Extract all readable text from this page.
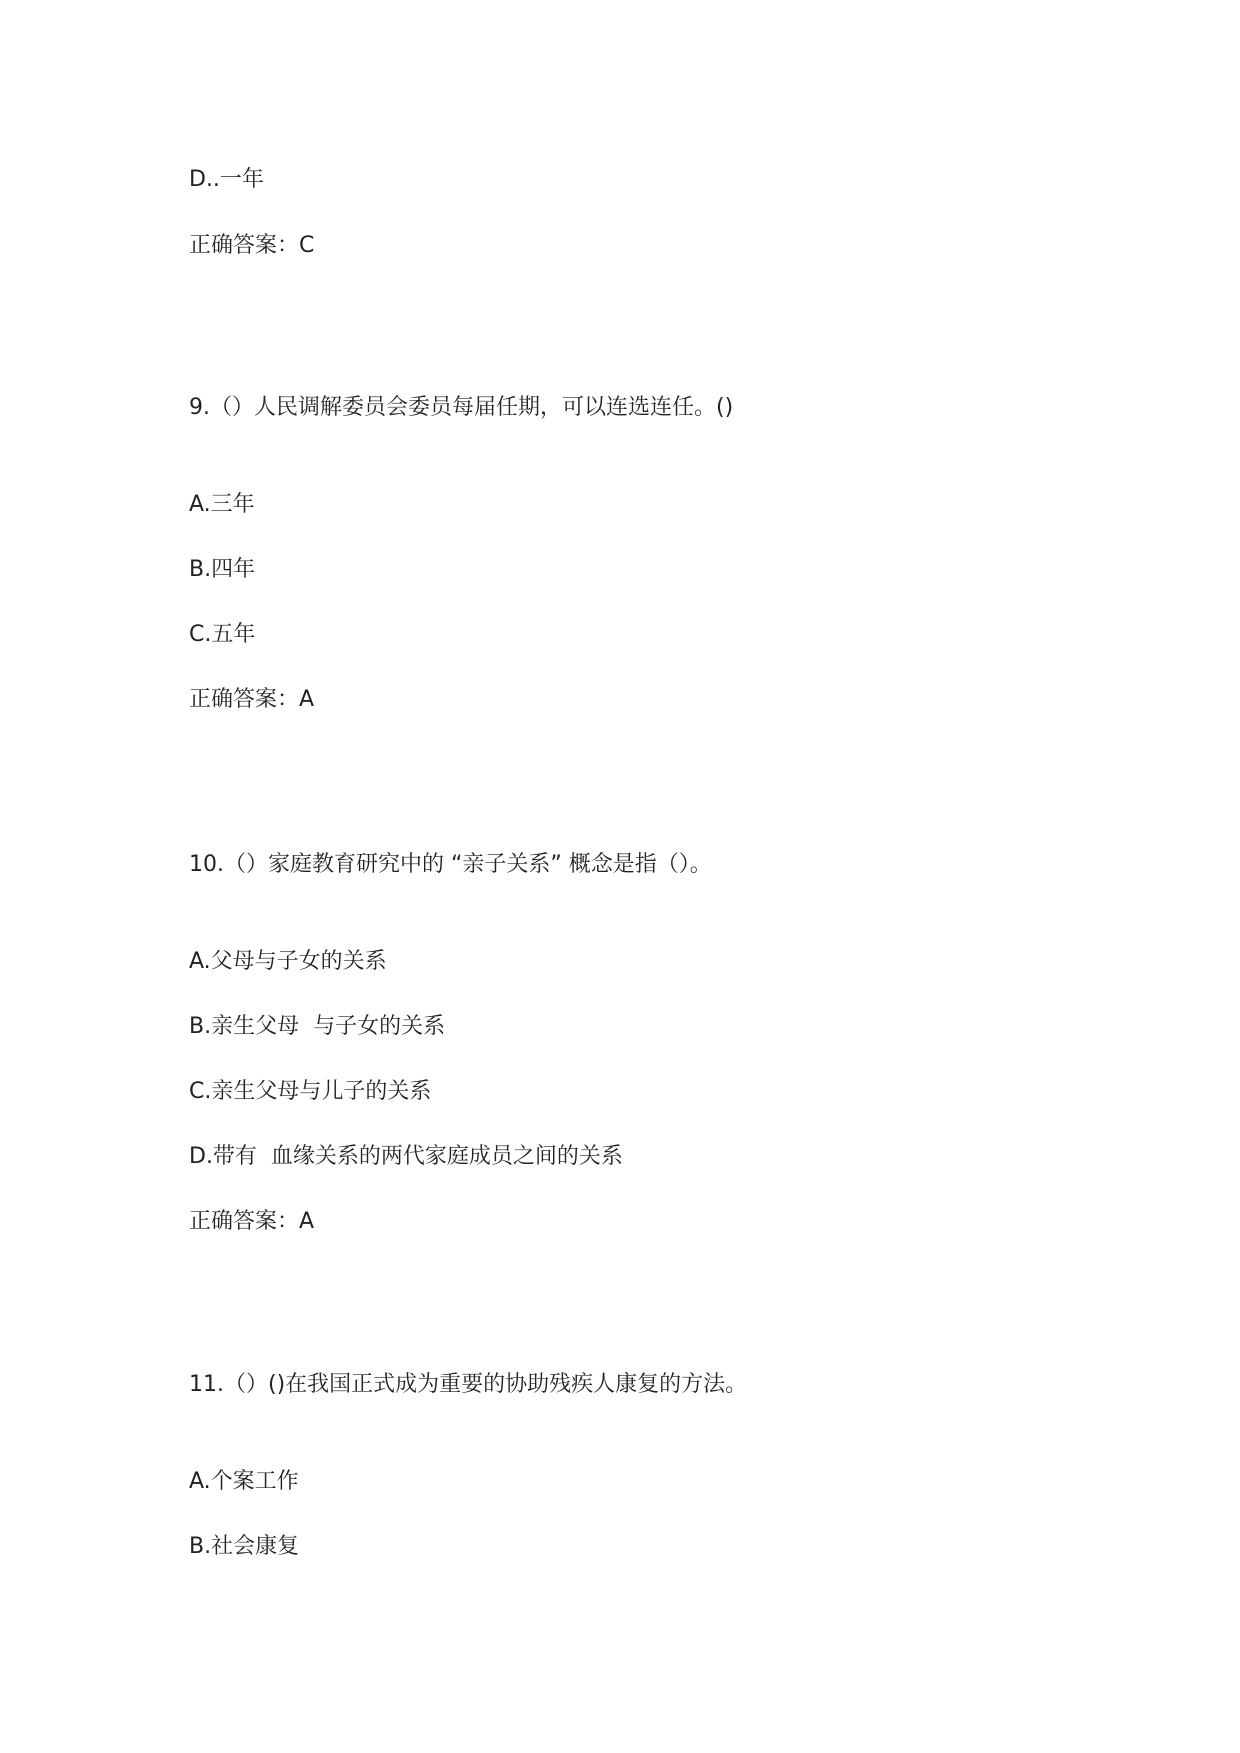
D..一年

正确答案：C

9.（）人民调解委员会委员每届任期，可以连选连任。()

A.三年

B.四年

C.五年

正确答案：A

10.（）家庭教育研究中的 “亲子关系” 概念是指（）。

A.父母与子女的关系

B.亲生父母  与子女的关系

C.亲生父母与儿子的关系

D.带有  血缘关系的两代家庭成员之间的关系

正确答案：A

11.（）()在我国正式成为重要的协助残疾人康复的方法。

A.个案工作

B.社会康复
